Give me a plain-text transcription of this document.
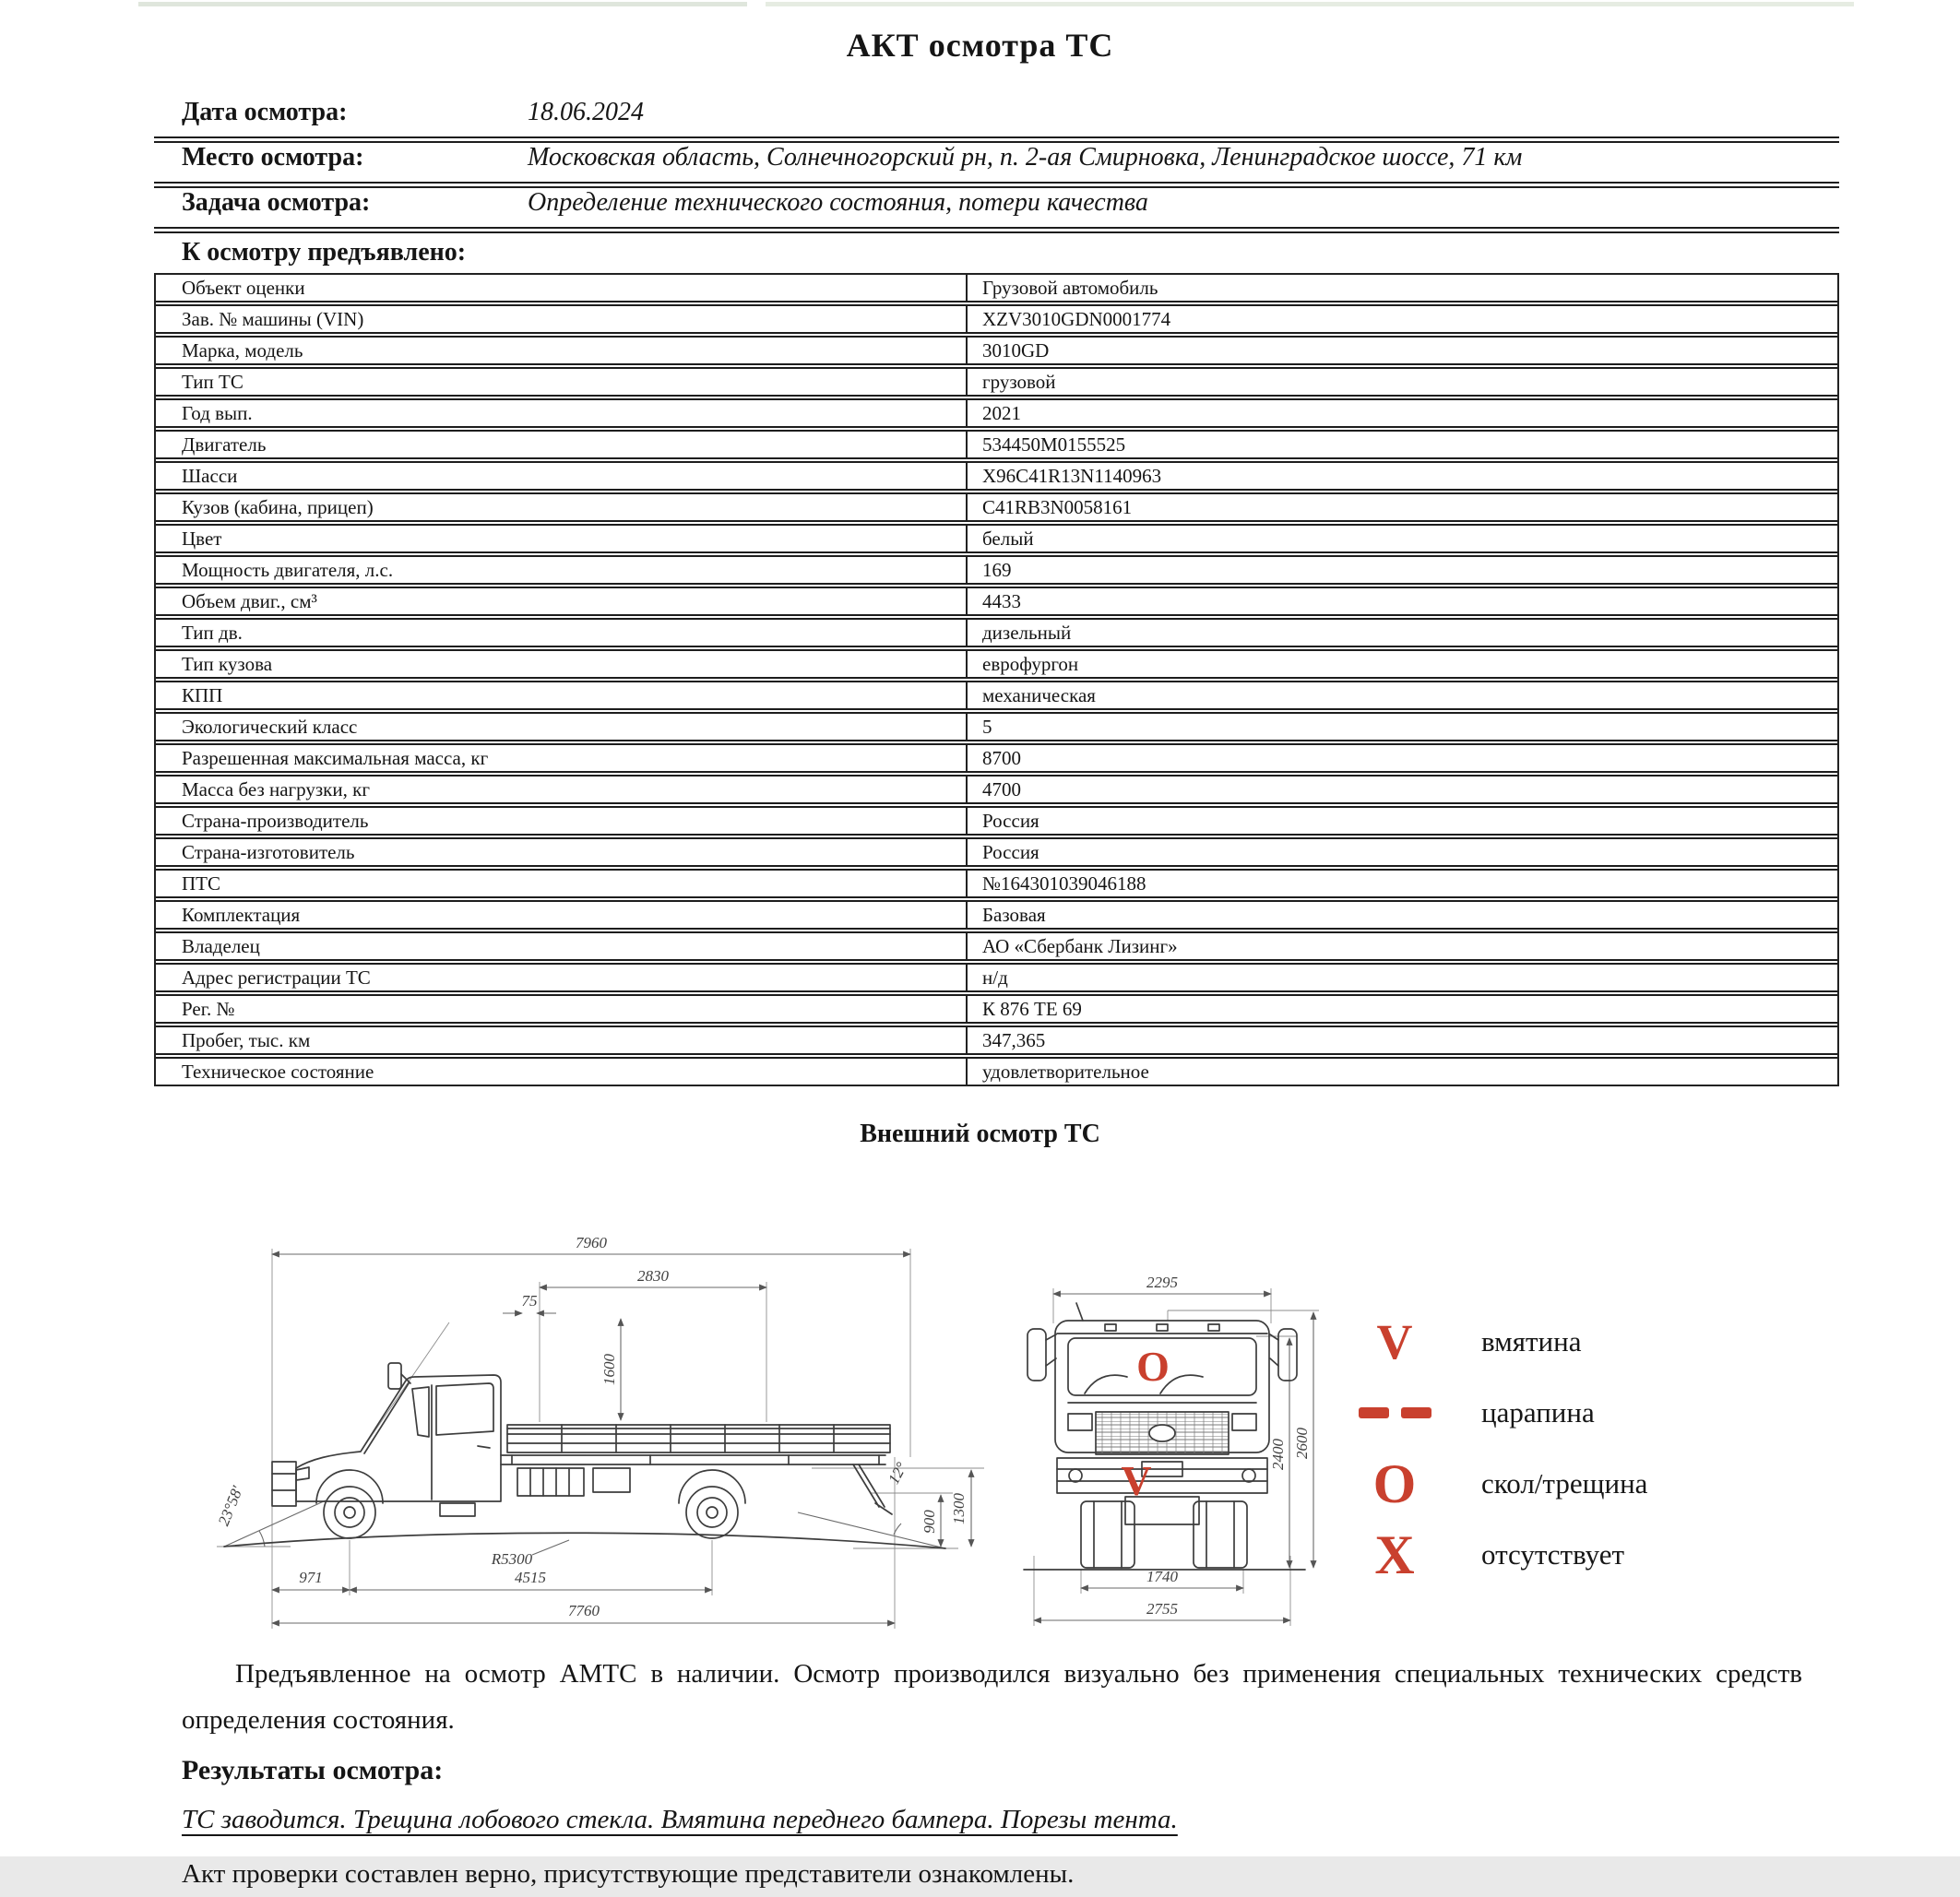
АКТ осмотра ТС
Дата осмотра:	18.06.2024
Место осмотра:	Московская область, Солнечногорский рн, п. 2-ая Смирновка, Ленинградское шоссе, 71 км
Задача осмотра:	Определение технического состояния, потери качества
К осмотру предъявлено:
Объект оценки	Грузовой автомобиль
Зав. № машины (VIN)	XZV3010GDN0001774
Марка, модель	3010GD
Тип ТС	грузовой
Год вып.	2021
Двигатель	534450M0155525
Шасси	X96C41R13N1140963
Кузов (кабина, прицеп)	C41RB3N0058161
Цвет	белый
Мощность двигателя, л.с.	169
Объем двиг., см³	4433
Тип дв.	дизельный
Тип кузова	еврофургон
КПП	механическая
Экологический класс	5
Разрешенная максимальная масса, кг	8700
Масса без нагрузки, кг	4700
Страна-производитель	Россия
Страна-изготовитель	Россия
ПТС	№164301039046188
Комплектация	Базовая
Владелец	АО «Сбербанк Лизинг»
Адрес регистрации ТС	н/д
Рег. №	К 876 ТЕ 69
Пробег, тыс. км	347,365
Техническое состояние	удовлетворительное
Внешний осмотр ТС
7960
2830
75
1600
971	4515
7760
900 1300
23°58'
12°
R5300
2295
2400 2600
1740
2755
O
V
V	вмятина
царапина
O	скол/трещина
X	отсутствует

Предъявленное на осмотр АМТС в наличии. Осмотр производился визуально без применения специальных технических средств определения состояния.

Результаты осмотра:
ТС заводится. Трещина лобового стекла. Вмятина переднего бампера. Порезы тента.
Акт проверки составлен верно, присутствующие представители ознакомлены.
